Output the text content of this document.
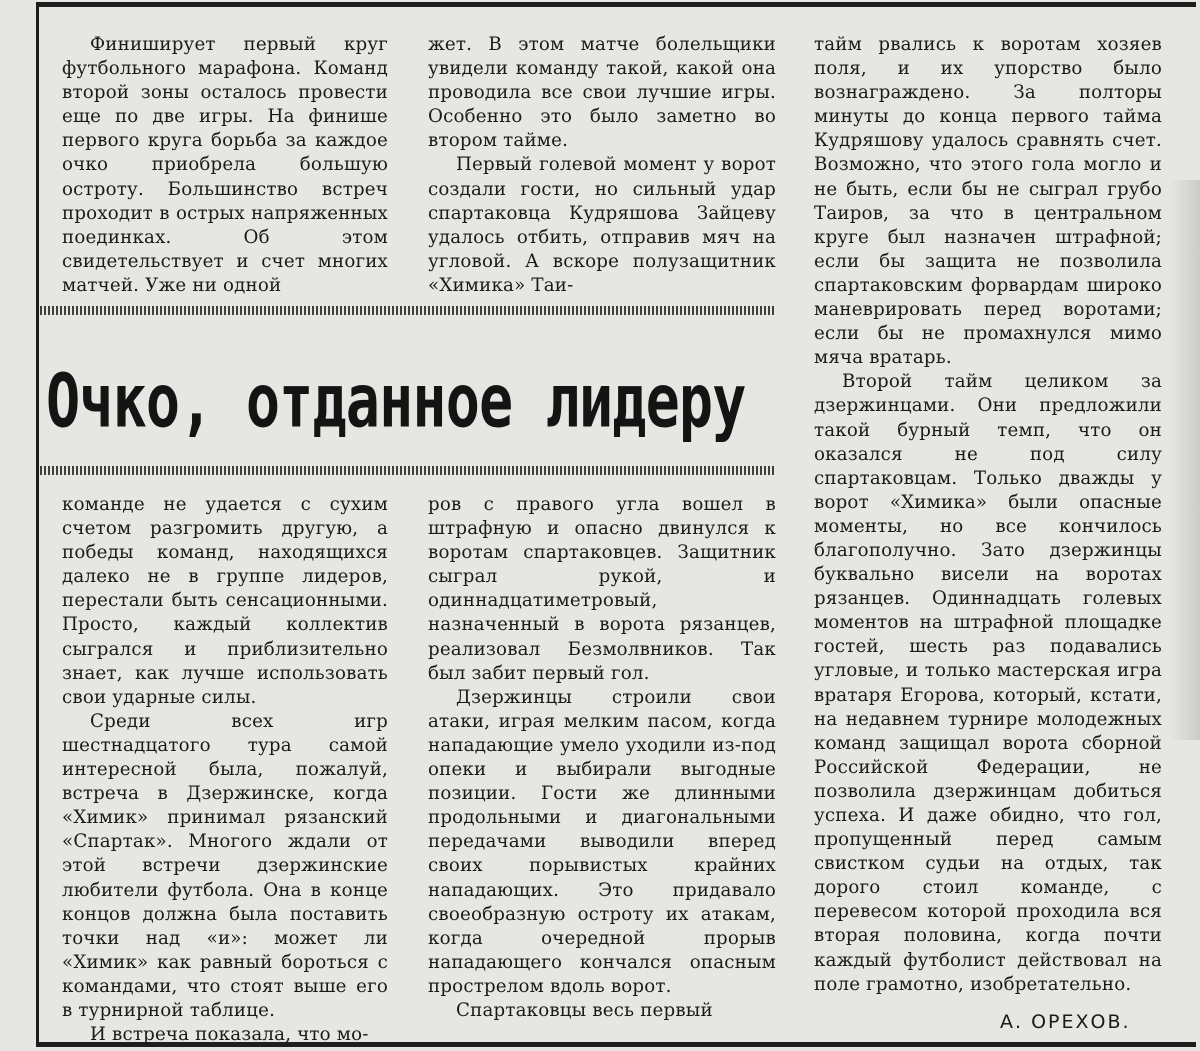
Финиширует первый круг футбольного марафона. Команд второй зоны осталось провести еще по две игры. На финише первого круга борьба за каждое очко приобрела большую остроту. Большинство встреч проходит в острых напряженных поединках. Об этом свидетельствует и счет многих матчей. Уже ни одной

жет. В этом матче болельщики увидели команду такой, какой она проводила все свои лучшие игры. Особенно это было заметно во втором тайме.

Первый голевой момент у ворот создали гости, но сильный удар спартаковца Кудряшова Зайцеву удалось отбить, отправив мяч на угловой. А вскоре полузащитник «Химика» Таи-

Очко, отданное лидеру

команде не удается с сухим счетом разгромить другую, а победы команд, находящихся далеко не в группе лидеров, перестали быть сенсационными. Просто, каждый коллектив сыгрался и приблизительно знает, как лучше использовать свои ударные силы.

Среди всех игр шестнадцатого тура самой интересной была, пожалуй, встреча в Дзержинске, когда «Химик» принимал рязанский «Спартак». Многого ждали от этой встречи дзержинские любители футбола. Она в конце концов должна была поставить точки над «и»: может ли «Химик» как равный бороться с командами, что стоят выше его в турнирной таблице.

И встреча показала, что мо-

ров с правого угла вошел в штрафную и опасно двинулся к воротам спартаковцев. Защитник сыграл рукой, и одиннадцатиметровый, назначенный в ворота рязанцев, реализовал Безмолвников. Так был забит первый гол.

Дзержинцы строили свои атаки, играя мелким пасом, когда нападающие умело уходили из-под опеки и выбирали выгодные позиции. Гости же длинными продольными и диагональными передачами выводили вперед своих порывистых крайних нападающих. Это придавало своеобразную остроту их атакам, когда очередной прорыв нападающего кончался опасным прострелом вдоль ворот.

Спартаковцы весь первый

тайм рвались к воротам хозяев поля, и их упорство было вознаграждено. За полторы минуты до конца первого тайма Кудряшову удалось сравнять счет. Возможно, что этого гола могло и не быть, если бы не сыграл грубо Таиров, за что в центральном круге был назначен штрафной; если бы защита не позволила спартаковским форвардам широко маневрировать перед воротами; если бы не промахнулся мимо мяча вратарь.

Второй тайм целиком за дзержинцами. Они предложили такой бурный темп, что он оказался не под силу спартаковцам. Только дважды у ворот «Химика» были опасные моменты, но все кончилось благополучно. Зато дзержинцы буквально висели на воротах рязанцев. Одиннадцать голевых моментов на штрафной площадке гостей, шесть раз подавались угловые, и только мастерская игра вратаря Егорова, который, кстати, на недавнем турнире молодежных команд защищал ворота сборной Российской Федерации, не позволила дзержинцам добиться успеха. И даже обидно, что гол, пропущенный перед самым свистком судьи на отдых, так дорого стоил команде, с перевесом которой проходила вся вторая половина, когда почти каждый футболист действовал на поле грамотно, изобретательно.

А. ОРЕХОВ.
